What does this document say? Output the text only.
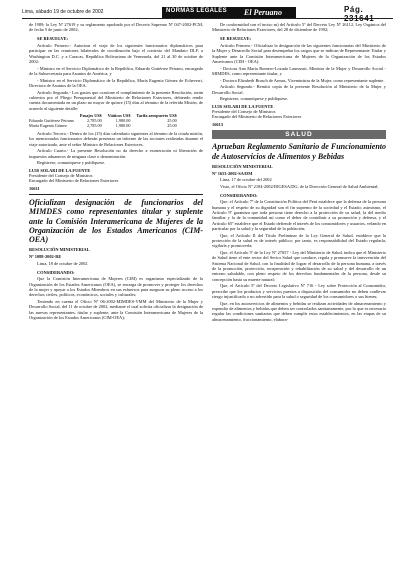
Lima, sábado 19 de octubre de 2002	NORMAS LEGALES El Peruano	Pág.

de 1989; la Ley Nº 27619 y su reglamento aprobado por el Decreto Supremo Nº 047-2002-PCM, de fecha 5 de junio de 2002;

SE RESUELVE:

Artículo Primero.- Autorizar el viaje de los siguientes funcionarios diplomáticos para participar en las reuniones bilaterales de coordinación bajo el contexto del Mandato DLF, a Washington D.C. y a Caracas, República Bolivariana de Venezuela, del 21 al 30 de octubre de 2002:

- Ministro en el Servicio Diplomático de la República, Eduardo Gutiérrez Peirano, encargado de la Subsecretaría para Asuntos de América, y

- Ministro en el Servicio Diplomático de la República, María Eugenia Gómez de Echeverri, Directora de Asuntos de la OEA.

Artículo Segundo.- Los gastos que ocasione el cumplimiento de la presente Resolución, serán cubiertos por el Pliego Presupuestal del Ministerio de Relaciones Exteriores, debiendo rendir cuenta documentada en un plazo no mayor de quince (15) días al término de la referida Misión, de acuerdo al siguiente detalle:

	Pasajes US$	Viáticos US$	Tarifa aeropuerto US$
Eduardo Gutiérrez Peirano	2,785.00	1,980.00	25.00
María Eugenia Gómez	2,785.00	1,980.00	25.00

Artículo Tercero.- Dentro de los (15) días calendario siguientes al término de la citada misión, los mencionados funcionarios deberán presentar un informe de las acciones realizadas durante el viaje autorizado, ante el señor Ministro de Relaciones Exteriores.

Artículo Cuarto.- La presente Resolución no da derecho a exoneración ni liberación de impuestos aduaneros de ninguna clase o denominación.

Regístrese, comuníquese y publíquese.

LUIS SOLARI DE LA FUENTE

Presidente del Consejo de Ministros

Encargado del Ministerio de Relaciones Exteriores

16611
Oficializan designación de funcionarios del MIMDES como representantes titular y suplente ante la Comisión Interamericana de Mujeres de la Organización de los Estados Americanos (CIM-OEA)

RESOLUCIÓN MINISTERIAL

Nº 1088-2002-RE

Lima, 18 de octubre de 2002

CONSIDERANDO:

Que la Comisión Interamericana de Mujeres (CIM) es organismo especializado de la Organización de los Estados Americanos (OEA), se encarga de promover y proteger los derechos de la mujer y apoyar a los Estados Miembros en sus esfuerzos para asegurar su pleno acceso a los derechos civiles, políticos, económicos, sociales y culturales;

Teniendo en cuenta el Oficio Nº 06-2002-MIMDES-VMM del Ministerio de la Mujer y Desarrollo Social, del 11 de octubre de 2002, mediante el cual solicita oficializar la designación de las nuevas representantes, titular y suplente, ante la Comisión Interamericana de Mujeres de la Organización de los Estados Americanos (CIM-OEA);

De conformidad con el inciso m) del Artículo 5º del Decreto Ley Nº 26112, Ley Orgánica del Ministerio de Relaciones Exteriores, del 28 de diciembre de 1992;

SE RESUELVE:

Artículo Primero.- Oficializar la designación de las siguientes funcionarias del Ministerio de la Mujer y Desarrollo Social para desempeñar los cargos que se indican de Representante Titular y Suplente ante la Comisión Interamericana de Mujeres de la Organización de los Estados Americanos (CIM - OEA):

- Doctora Ana Maria Romero-Lozada Lauezzari, Ministra de la Mujer y Desarrollo Social - MIMDES, como representante titular, y

- Doctora Elizabeth Brasch de Armas, Viceministra de la Mujer, como representante suplente.

Artículo Segundo.- Remitir copia de la presente Resolución al Ministerio de la Mujer y Desarrollo Social.

Regístrese, comuníquese y publíquese.

LUIS SOLARI DE LA FUENTE

Presidente del Consejo de Ministros

Encargado del Ministerio de Relaciones Exteriores

16613
SALUD
Aprueban Reglamento Sanitario de Funcionamiento de Autoservicios de Alimentos y Bebidas

RESOLUCIÓN MINISTERIAL

Nº 1653-2002-SA/DM

Lima, 17 de octubre del 2002

Visto, el Oficio Nº 2184-2002/DIGESA/DG, de la Dirección General de Salud Ambiental;

CONSIDERANDO:

Que, el Artículo 7º de la Constitución Política del Perú establece que la defensa de la persona humana y el respeto de su dignidad son el fin supremo de la sociedad y el Estado; asimismo, el Artículo 9º garantiza que toda persona tiene derecho a la protección de su salud, la del medio familiar y la de la comunidad así como el deber de contribuir a su promoción y defensa, y el Artículo 65º establece que el Estado defiende el interés de los consumidores y usuarios, velando en particular por la salud y la seguridad de la población;

Que, el Artículo II del Título Preliminar de la Ley General de Salud, establece que la protección de la salud es de interés público; por tanto, es responsabilidad del Estado regularla, vigilarla y promoverla;

Que, el Artículo 5º de la Ley Nº 27657 - Ley del Ministerio de Salud, indica que el Ministerio de Salud tiene el ente rector del Sector Salud que conduce, regula y promueve la intervención del Sistema Nacional de Salud, con la finalidad de lograr el desarrollo de la persona humana, a través de la promoción, protección, recuperación y rehabilitación de su salud y del desarrollo de un entorno saludable, con pleno respeto de los derechos fundamentales de la persona, desde su concepción hasta su muerte natural;

Que, el Artículo 5º del Decreto Legislativo Nº 716 - Ley sobre Protección al Consumidor, prescribe que los productos y servicios puestos a disposición del consumidor no deben conllevar riesgo injustificado o no advertido para la salud o seguridad de los consumidores o sus bienes;

Que, en los autoservicios de alimentos y bebidas se realizan actividades de almacenamiento y expendio de alimentos y bebidas que deben ser controlados sanitariamente, por lo que es necesario regular las condiciones sanitarias que deben cumplir estos establecimientos, en las etapas de su almacenamiento, fraccionamiento, elabora-
